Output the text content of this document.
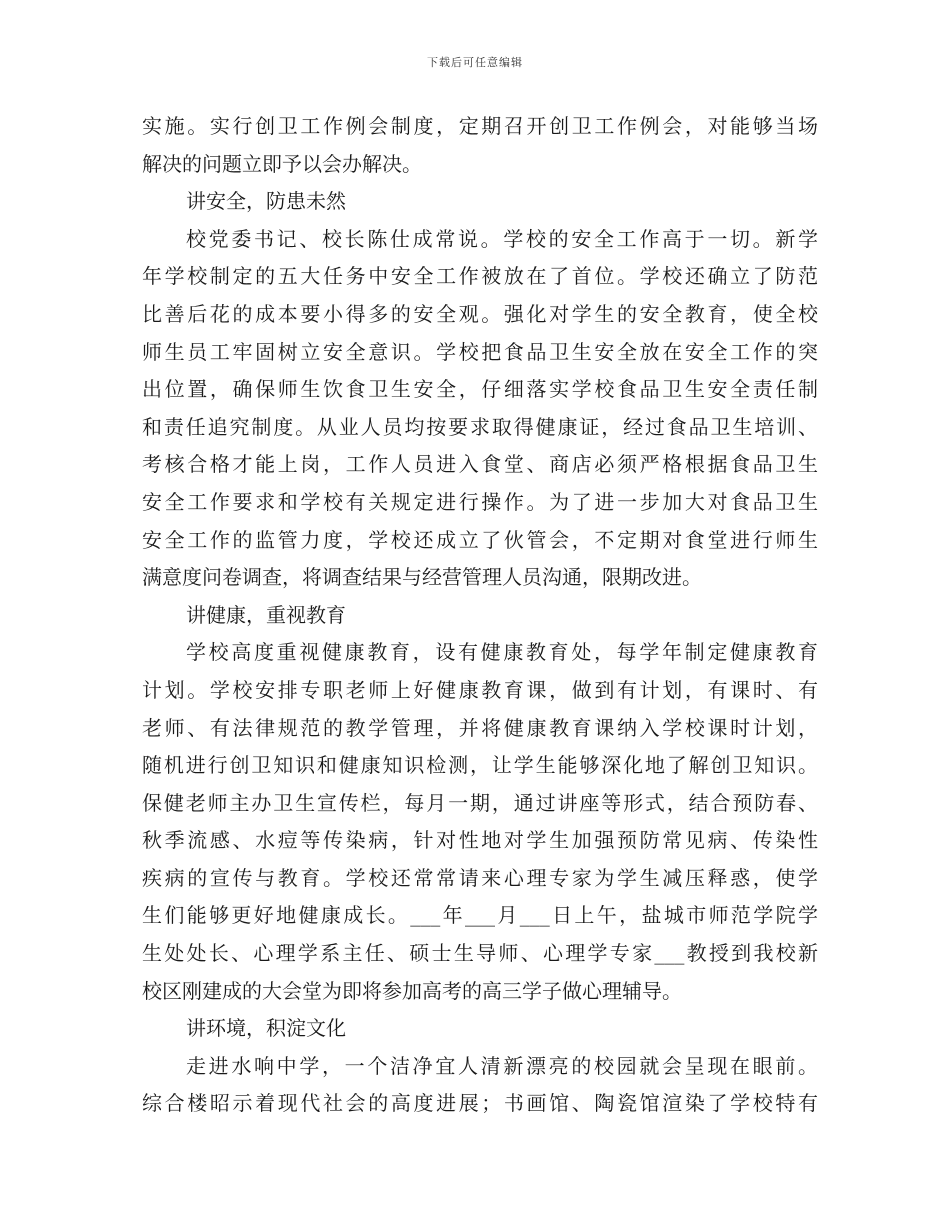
下载后可任意编辑
实施。实行创卫工作例会制度，定期召开创卫工作例会，对能够当场
解决的问题立即予以会办解决。
讲安全，防患未然
校党委书记、校长陈仕成常说。学校的安全工作高于一切。新学
年学校制定的五大任务中安全工作被放在了首位。学校还确立了防范
比善后花的成本要小得多的安全观。强化对学生的安全教育，使全校
师生员工牢固树立安全意识。学校把食品卫生安全放在安全工作的突
出位置，确保师生饮食卫生安全，仔细落实学校食品卫生安全责任制
和责任追究制度。从业人员均按要求取得健康证，经过食品卫生培训、
考核合格才能上岗，工作人员进入食堂、商店必须严格根据食品卫生
安全工作要求和学校有关规定进行操作。为了进一步加大对食品卫生
安全工作的监管力度，学校还成立了伙管会，不定期对食堂进行师生
满意度问卷调查，将调查结果与经营管理人员沟通，限期改进。
讲健康，重视教育
学校高度重视健康教育，设有健康教育处，每学年制定健康教育
计划。学校安排专职老师上好健康教育课，做到有计划，有课时、有
老师、有法律规范的教学管理，并将健康教育课纳入学校课时计划，
随机进行创卫知识和健康知识检测，让学生能够深化地了解创卫知识。
保健老师主办卫生宣传栏，每月一期，通过讲座等形式，结合预防春、
秋季流感、水痘等传染病，针对性地对学生加强预防常见病、传染性
疾病的宣传与教育。学校还常常请来心理专家为学生减压释惑，使学
生们能够更好地健康成长。___年___月___日上午，盐城市师范学院学
生处处长、心理学系主任、硕士生导师、心理学专家___教授到我校新
校区刚建成的大会堂为即将参加高考的高三学子做心理辅导。
讲环境，积淀文化
走进水响中学，一个洁净宜人清新漂亮的校园就会呈现在眼前。
综合楼昭示着现代社会的高度进展；书画馆、陶瓷馆渲染了学校特有
